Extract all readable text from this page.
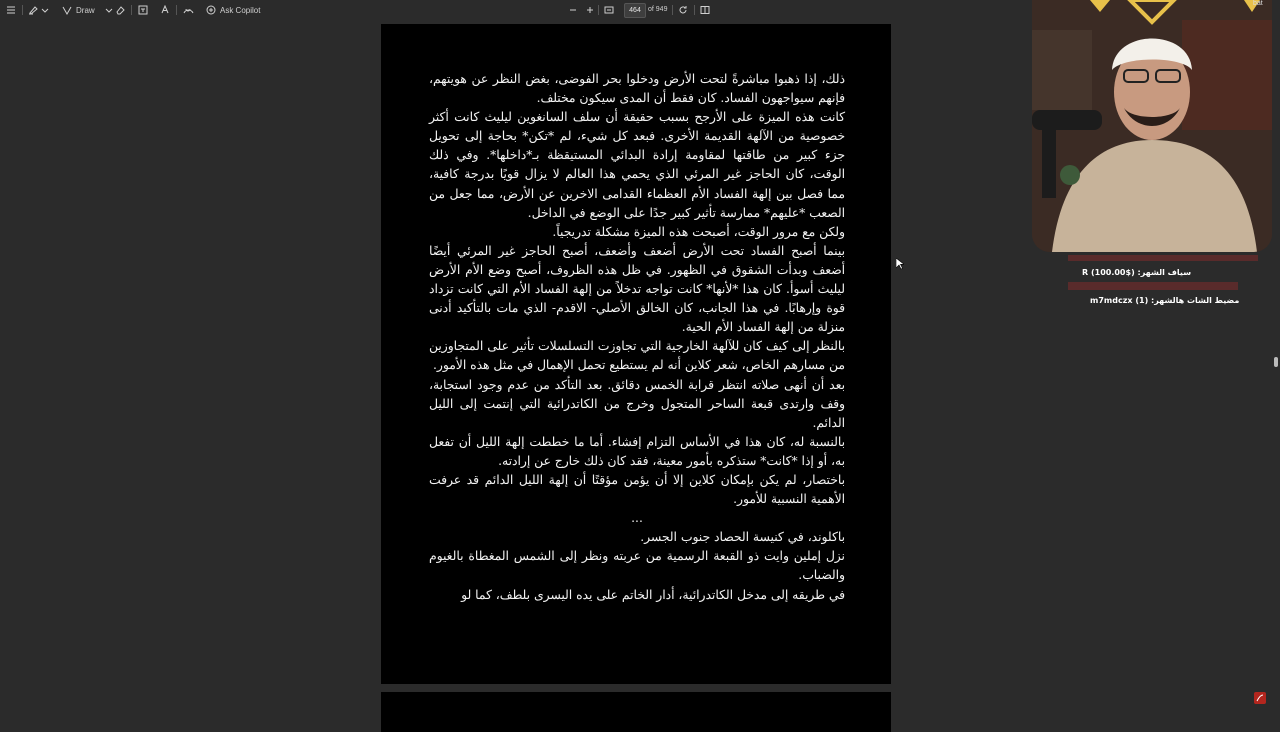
Draw	Ask Copilot	464	of 949

ذلك، إذا ذهبوا مباشرةً لتحت الأرض ودخلوا بحر الفوضى، بغض النظر عن هويتهم، فإنهم سيواجهون الفساد. كان فقط أن المدى سيكون مختلف.

كانت هذه الميزة على الأرجح بسبب حقيقة أن سلف السانغوين ليليث كانت أكثر خصوصية من الآلهة القديمة الأخرى. فبعد كل شيء، لم *تكن* بحاجة إلى تحويل جزء كبير من طاقتها لمقاومة إرادة البدائي المستيقظة بـ*داخلها*. وفي ذلك الوقت، كان الحاجز غير المرئي الذي يحمي هذا العالم لا يزال قويًا بدرجة كافية، مما فصل بين إلهة الفساد الأم العظماء القدامى الاخرين عن الأرض، مما جعل من الصعب *عليهم* ممارسة تأثير كبير جدًا على الوضع في الداخل.

ولكن مع مرور الوقت، أصبحت هذه الميزة مشكلة تدريجياً.

بينما أصبح الفساد تحت الأرض أضعف وأضعف، أصبح الحاجز غير المرئي أيضًا أضعف وبدأت الشقوق في الظهور. في ظل هذه الظروف، أصبح وضع الأم الأرض ليليث أسوأ. كان هذا *لأنها* كانت تواجه تدخلاً من إلهة الفساد الأم التي كانت تزداد قوة وإرهابًا. في هذا الجانب، كان الخالق الأصلي- الاقدم- الذي مات بالتأكيد أدنى منزلة من إلهة الفساد الأم الحية.

بالنظر إلى كيف كان للآلهة الخارجية التي تجاوزت التسلسلات تأثير على المتجاوزين من مسارهم الخاص، شعر كلاين أنه لم يستطيع تحمل الإهمال في مثل هذه الأمور.

بعد أن أنهى صلاته انتظر قرابة الخمس دقائق. بعد التأكد من عدم وجود استجابة، وقف وارتدى قبعة الساحر المتجول وخرج من الكاتدرائية التي إنتمت إلى الليل الدائم.

بالنسبة له، كان هذا في الأساس التزام إفشاء. أما ما خططت إلهة الليل أن تفعل به، أو إذا *كانت* ستذكره بأمور معينة، فقد كان ذلك خارج عن إرادته.

باختصار، لم يكن بإمكان كلاين إلا أن يؤمن مؤقتًا أن إلهة الليل الدائم قد عرفت الأهمية النسبية للأمور.

...

باكلوند، في كنيسة الحصاد جنوب الجسر.

نزل إملين وايت ذو القبعة الرسمية من عربته ونظر إلى الشمس المغطاة بالغيوم والضباب.

في طريقه إلى مدخل الكاتدرائية، أدار الخاتم على يده اليسرى بلطف، كما لو

bat
سياف الشهر: ($100.00) R
مضيط الشات هالشهر: (1) m7mdczx
